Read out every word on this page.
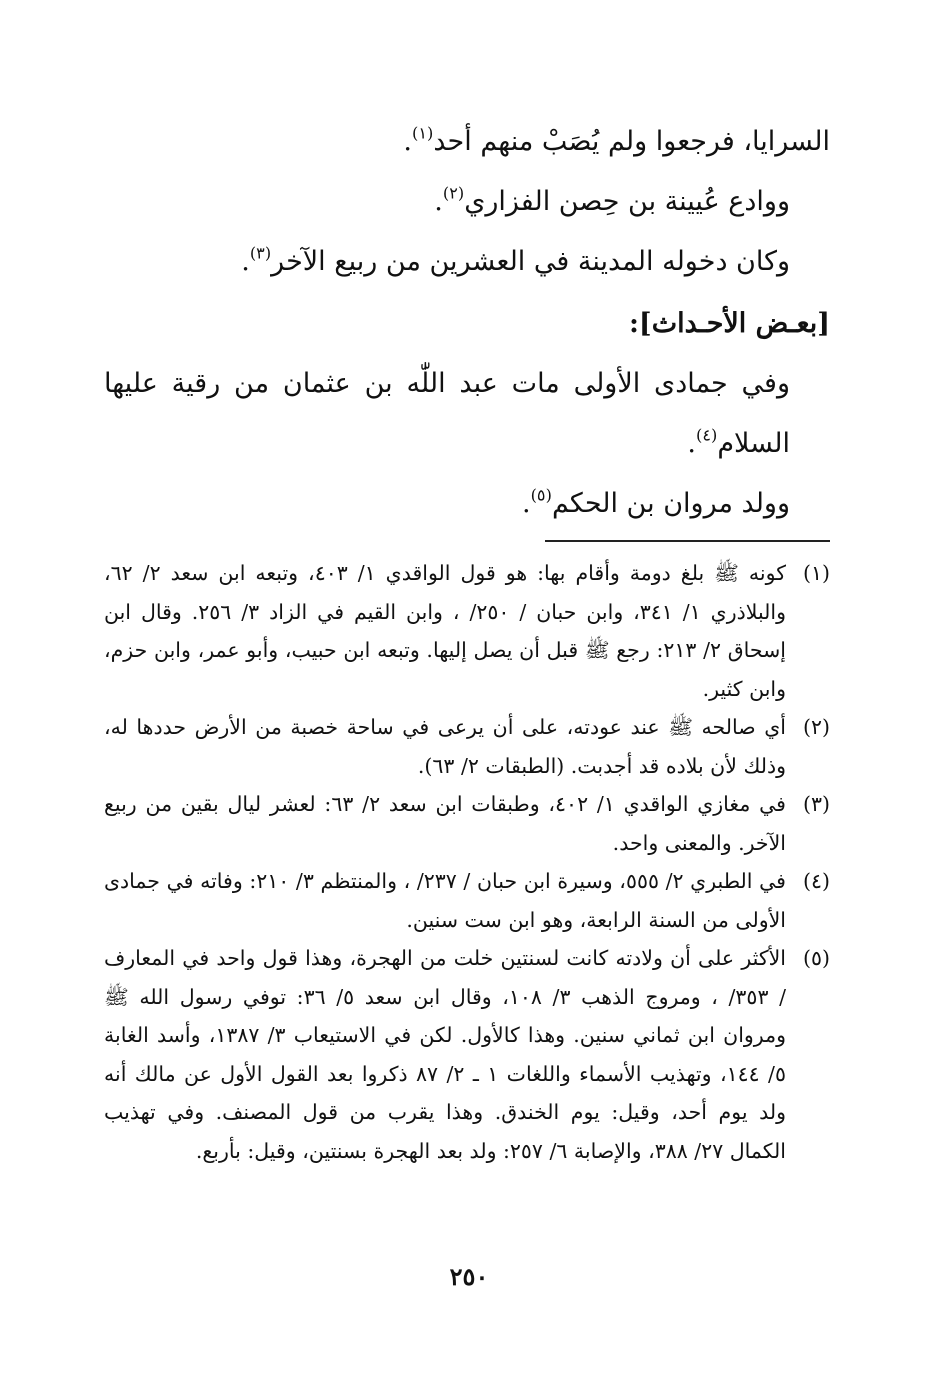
السرايا، فرجعوا ولم يُصَبْ منهم أحد$^{(١)}$.

ووادع عُيينة بن حِصن الفزاري$^{(٢)}$.

وكان دخوله المدينة في العشرين من ربيع الآخر$^{(٣)}$.

[بعـض الأحـداث]:

وفي جمادى الأولى مات عبد اللّٰه بن عثمان من رقية عليها السلام$^{(٤)}$.

وولد مروان بن الحكم$^{(٥)}$.

(١)
كونه ﷺ بلغ دومة وأقام بها: هو قول الواقدي ١/ ٤٠٣، وتبعه ابن سعد ٢/ ٦٢، والبلاذري ١/ ٣٤١، وابن حبان / ٢٥٠/ ، وابن القيم في الزاد ٣/ ٢٥٦. وقال ابن إسحاق ٢/ ٢١٣: رجع ﷺ قبل أن يصل إليها. وتبعه ابن حبيب، وأبو عمر، وابن حزم، وابن كثير.

(٢)
أي صالحه ﷺ عند عودته، على أن يرعى في ساحة خصبة من الأرض حددها له، وذلك لأن بلاده قد أجدبت. (الطبقات ٢/ ٦٣).

(٣)
في مغازي الواقدي ١/ ٤٠٢، وطبقات ابن سعد ٢/ ٦٣: لعشر ليال بقين من ربيع الآخر. والمعنى واحد.

(٤)
في الطبري ٢/ ٥٥٥، وسيرة ابن حبان / ٢٣٧/ ، والمنتظم ٣/ ٢١٠: وفاته في جمادى الأولى من السنة الرابعة، وهو ابن ست سنين.

(٥)
الأكثر على أن ولادته كانت لسنتين خلت من الهجرة، وهذا قول واحد في المعارف / ٣٥٣/ ، ومروج الذهب ٣/ ١٠٨، وقال ابن سعد ٥/ ٣٦: توفي رسول الله ﷺ ومروان ابن ثماني سنين. وهذا كالأول. لكن في الاستيعاب ٣/ ١٣٨٧، وأسد الغابة ٥/ ١٤٤، وتهذيب الأسماء واللغات ١ ـ ٢/ ٨٧ ذكروا بعد القول الأول عن مالك أنه ولد يوم أحد، وقيل: يوم الخندق. وهذا يقرب من قول المصنف. وفي تهذيب الكمال ٢٧/ ٣٨٨، والإصابة ٦/ ٢٥٧: ولد بعد الهجرة بسنتين، وقيل: بأربع.

٢٥٠
